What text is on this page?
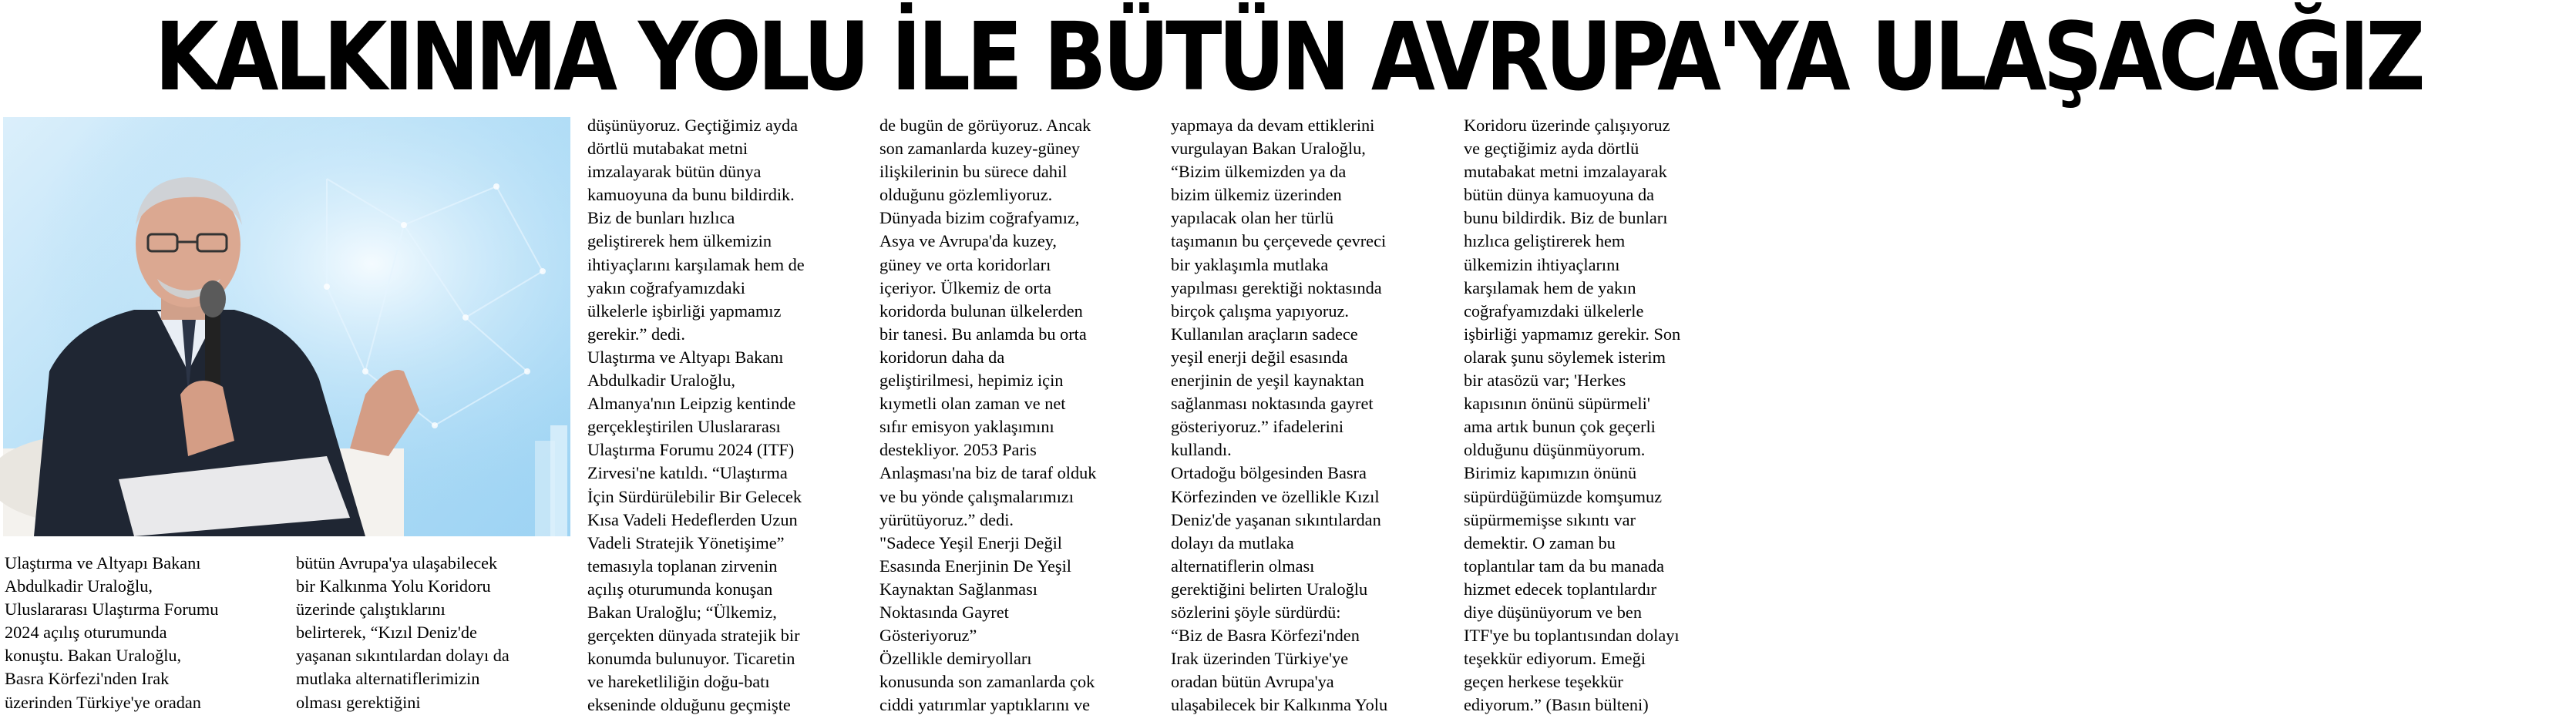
KALKINMA YOLU İLE BÜTÜN AVRUPA'YA ULAŞACAĞIZ

Ulaştırma ve Altyapı Bakanı

Abdulkadir Uraloğlu,

Uluslararası Ulaştırma Forumu

2024 açılış oturumunda

konuştu. Bakan Uraloğlu,

Basra Körfezi'nden Irak

üzerinden Türkiye'ye oradan

bütün Avrupa'ya ulaşabilecek

bir Kalkınma Yolu Koridoru

üzerinde çalıştıklarını

belirterek, “Kızıl Deniz'de

yaşanan sıkıntılardan dolayı da

mutlaka alternatiflerimizin

olması gerektiğini

düşünüyoruz. Geçtiğimiz ayda

dörtlü mutabakat metni

imzalayarak bütün dünya

kamuoyuna da bunu bildirdik.

Biz de bunları hızlıca

geliştirerek hem ülkemizin

ihtiyaçlarını karşılamak hem de

yakın coğrafyamızdaki

ülkelerle işbirliği yapmamız

gerekir.” dedi.

Ulaştırma ve Altyapı Bakanı

Abdulkadir Uraloğlu,

Almanya'nın Leipzig kentinde

gerçekleştirilen Uluslararası

Ulaştırma Forumu 2024 (ITF)

Zirvesi'ne katıldı. “Ulaştırma

İçin Sürdürülebilir Bir Gelecek

Kısa Vadeli Hedeflerden Uzun

Vadeli Stratejik Yönetişime”

temasıyla toplanan zirvenin

açılış oturumunda konuşan

Bakan Uraloğlu; “Ülkemiz,

gerçekten dünyada stratejik bir

konumda bulunuyor. Ticaretin

ve hareketliliğin doğu-batı

ekseninde olduğunu geçmişte

de bugün de görüyoruz. Ancak

son zamanlarda kuzey-güney

ilişkilerinin bu sürece dahil

olduğunu gözlemliyoruz.

Dünyada bizim coğrafyamız,

Asya ve Avrupa'da kuzey,

güney ve orta koridorları

içeriyor. Ülkemiz de orta

koridorda bulunan ülkelerden

bir tanesi. Bu anlamda bu orta

koridorun daha da

geliştirilmesi, hepimiz için

kıymetli olan zaman ve net

sıfır emisyon yaklaşımını

destekliyor. 2053 Paris

Anlaşması'na biz de taraf olduk

ve bu yönde çalışmalarımızı

yürütüyoruz.” dedi.

"Sadece Yeşil Enerji Değil

Esasında Enerjinin De Yeşil

Kaynaktan Sağlanması

Noktasında Gayret

Gösteriyoruz”

Özellikle demiryolları

konusunda son zamanlarda çok

ciddi yatırımlar yaptıklarını ve

yapmaya da devam ettiklerini

vurgulayan Bakan Uraloğlu,

“Bizim ülkemizden ya da

bizim ülkemiz üzerinden

yapılacak olan her türlü

taşımanın bu çerçevede çevreci

bir yaklaşımla mutlaka

yapılması gerektiği noktasında

birçok çalışma yapıyoruz.

Kullanılan araçların sadece

yeşil enerji değil esasında

enerjinin de yeşil kaynaktan

sağlanması noktasında gayret

gösteriyoruz.” ifadelerini

kullandı.

Ortadoğu bölgesinden Basra

Körfezinden ve özellikle Kızıl

Deniz'de yaşanan sıkıntılardan

dolayı da mutlaka

alternatiflerin olması

gerektiğini belirten Uraloğlu

sözlerini şöyle sürdürdü:

“Biz de Basra Körfezi'nden

Irak üzerinden Türkiye'ye

oradan bütün Avrupa'ya

ulaşabilecek bir Kalkınma Yolu

Koridoru üzerinde çalışıyoruz

ve geçtiğimiz ayda dörtlü

mutabakat metni imzalayarak

bütün dünya kamuoyuna da

bunu bildirdik. Biz de bunları

hızlıca geliştirerek hem

ülkemizin ihtiyaçlarını

karşılamak hem de yakın

coğrafyamızdaki ülkelerle

işbirliği yapmamız gerekir. Son

olarak şunu söylemek isterim

bir atasözü var; 'Herkes

kapısının önünü süpürmeli'

ama artık bunun çok geçerli

olduğunu düşünmüyorum.

Birimiz kapımızın önünü

süpürdüğümüzde komşumuz

süpürmemişse sıkıntı var

demektir. O zaman bu

toplantılar tam da bu manada

hizmet edecek toplantılardır

diye düşünüyorum ve ben

ITF'ye bu toplantısından dolayı

teşekkür ediyorum. Emeği

geçen herkese teşekkür

ediyorum.” (Basın bülteni)
